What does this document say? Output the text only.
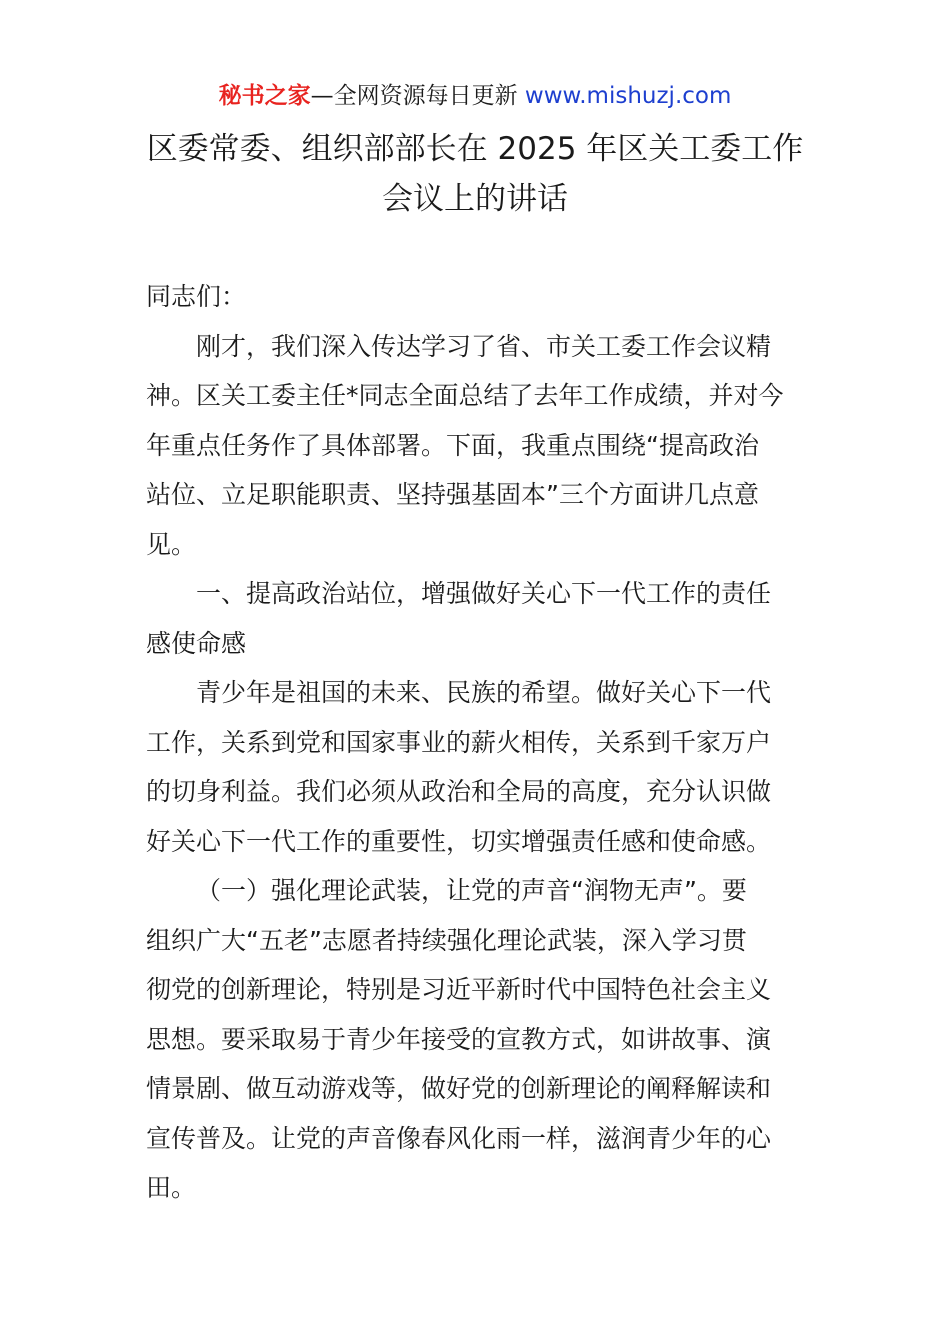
秘书之家—全网资源每日更新 www.mishuzj.com
区委常委、组织部部长在 2025 年区关工委工作
会议上的讲话

同志们：

刚才，我们深入传达学习了省、市关工委工作会议精
神。区关工委主任*同志全面总结了去年工作成绩，并对今
年重点任务作了具体部署。下面，我重点围绕“提高政治
站位、立足职能职责、坚持强基固本”三个方面讲几点意
见。

一、提高政治站位，增强做好关心下一代工作的责任
感使命感

青少年是祖国的未来、民族的希望。做好关心下一代
工作，关系到党和国家事业的薪火相传，关系到千家万户
的切身利益。我们必须从政治和全局的高度，充分认识做
好关心下一代工作的重要性，切实增强责任感和使命感。

（一）强化理论武装，让党的声音“润物无声”。要
组织广大“五老”志愿者持续强化理论武装，深入学习贯
彻党的创新理论，特别是习近平新时代中国特色社会主义
思想。要采取易于青少年接受的宣教方式，如讲故事、演
情景剧、做互动游戏等，做好党的创新理论的阐释解读和
宣传普及。让党的声音像春风化雨一样，滋润青少年的心
田。
